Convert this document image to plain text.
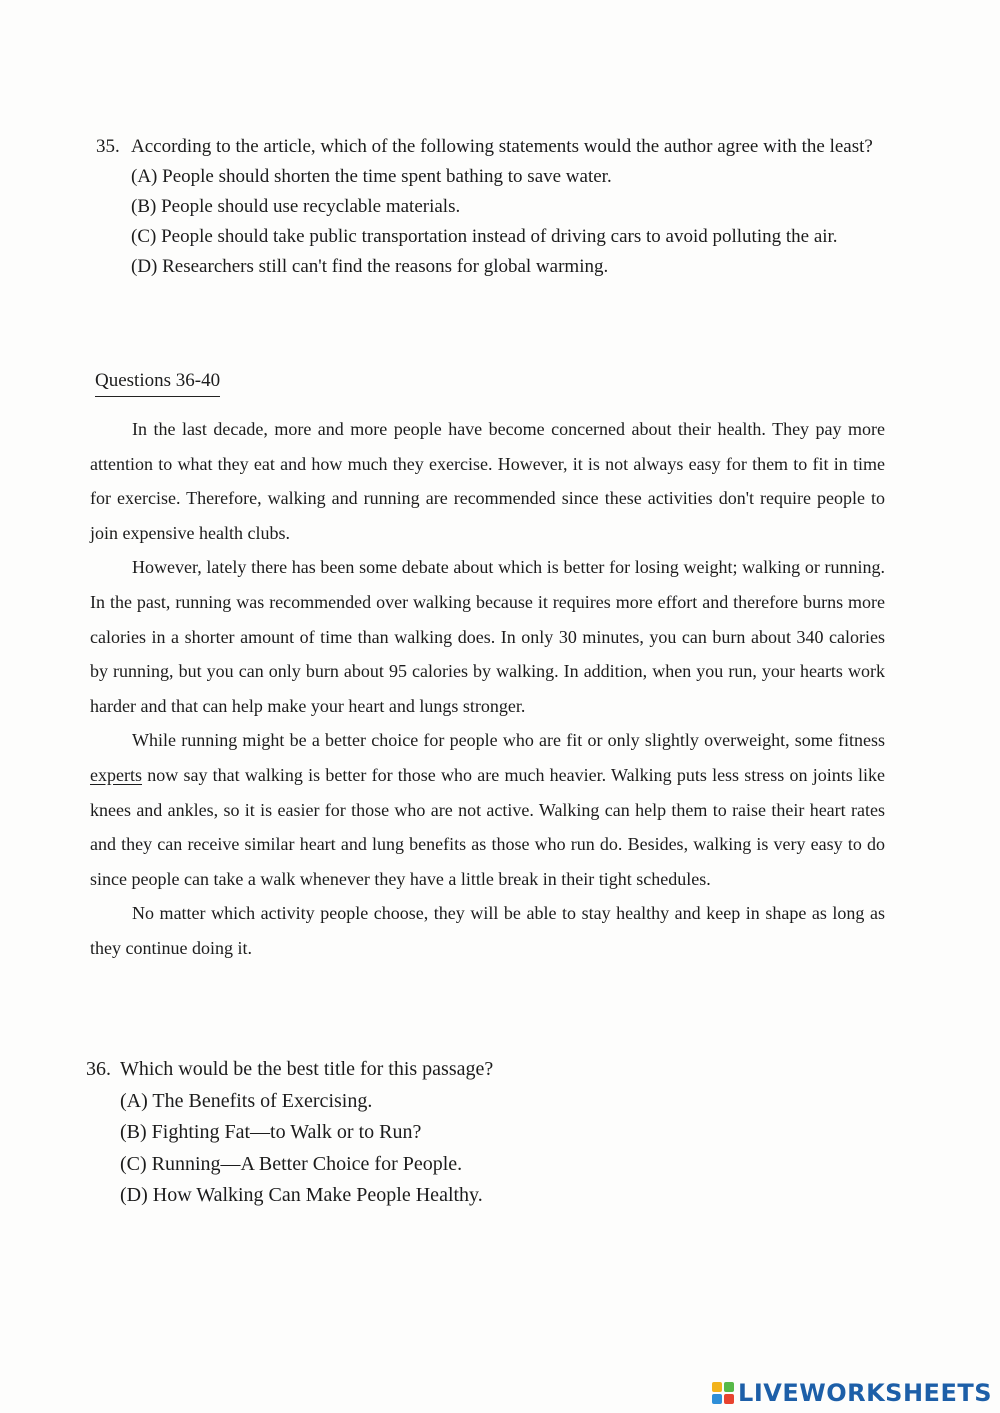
35. According to the article, which of the following statements would the author agree with the least?
(A) People should shorten the time spent bathing to save water.
(B) People should use recyclable materials.
(C) People should take public transportation instead of driving cars to avoid polluting the air.
(D) Researchers still can't find the reasons for global warming.
Questions 36-40

In the last decade, more and more people have become concerned about their health. They pay more attention to what they eat and how much they exercise. However, it is not always easy for them to fit in time for exercise. Therefore, walking and running are recommended since these activities don't require people to join expensive health clubs.

However, lately there has been some debate about which is better for losing weight; walking or running. In the past, running was recommended over walking because it requires more effort and therefore burns more calories in a shorter amount of time than walking does. In only 30 minutes, you can burn about 340 calories by running, but you can only burn about 95 calories by walking. In addition, when you run, your hearts work harder and that can help make your heart and lungs stronger.

While running might be a better choice for people who are fit or only slightly overweight, some fitness experts now say that walking is better for those who are much heavier. Walking puts less stress on joints like knees and ankles, so it is easier for those who are not active. Walking can help them to raise their heart rates and they can receive similar heart and lung benefits as those who run do. Besides, walking is very easy to do since people can take a walk whenever they have a little break in their tight schedules.

No matter which activity people choose, they will be able to stay healthy and keep in shape as long as they continue doing it.

36. Which would be the best title for this passage?
(A) The Benefits of Exercising.
(B) Fighting Fat—to Walk or to Run?
(C) Running—A Better Choice for People.
(D) How Walking Can Make People Healthy.
LIVEWORKSHEETS
